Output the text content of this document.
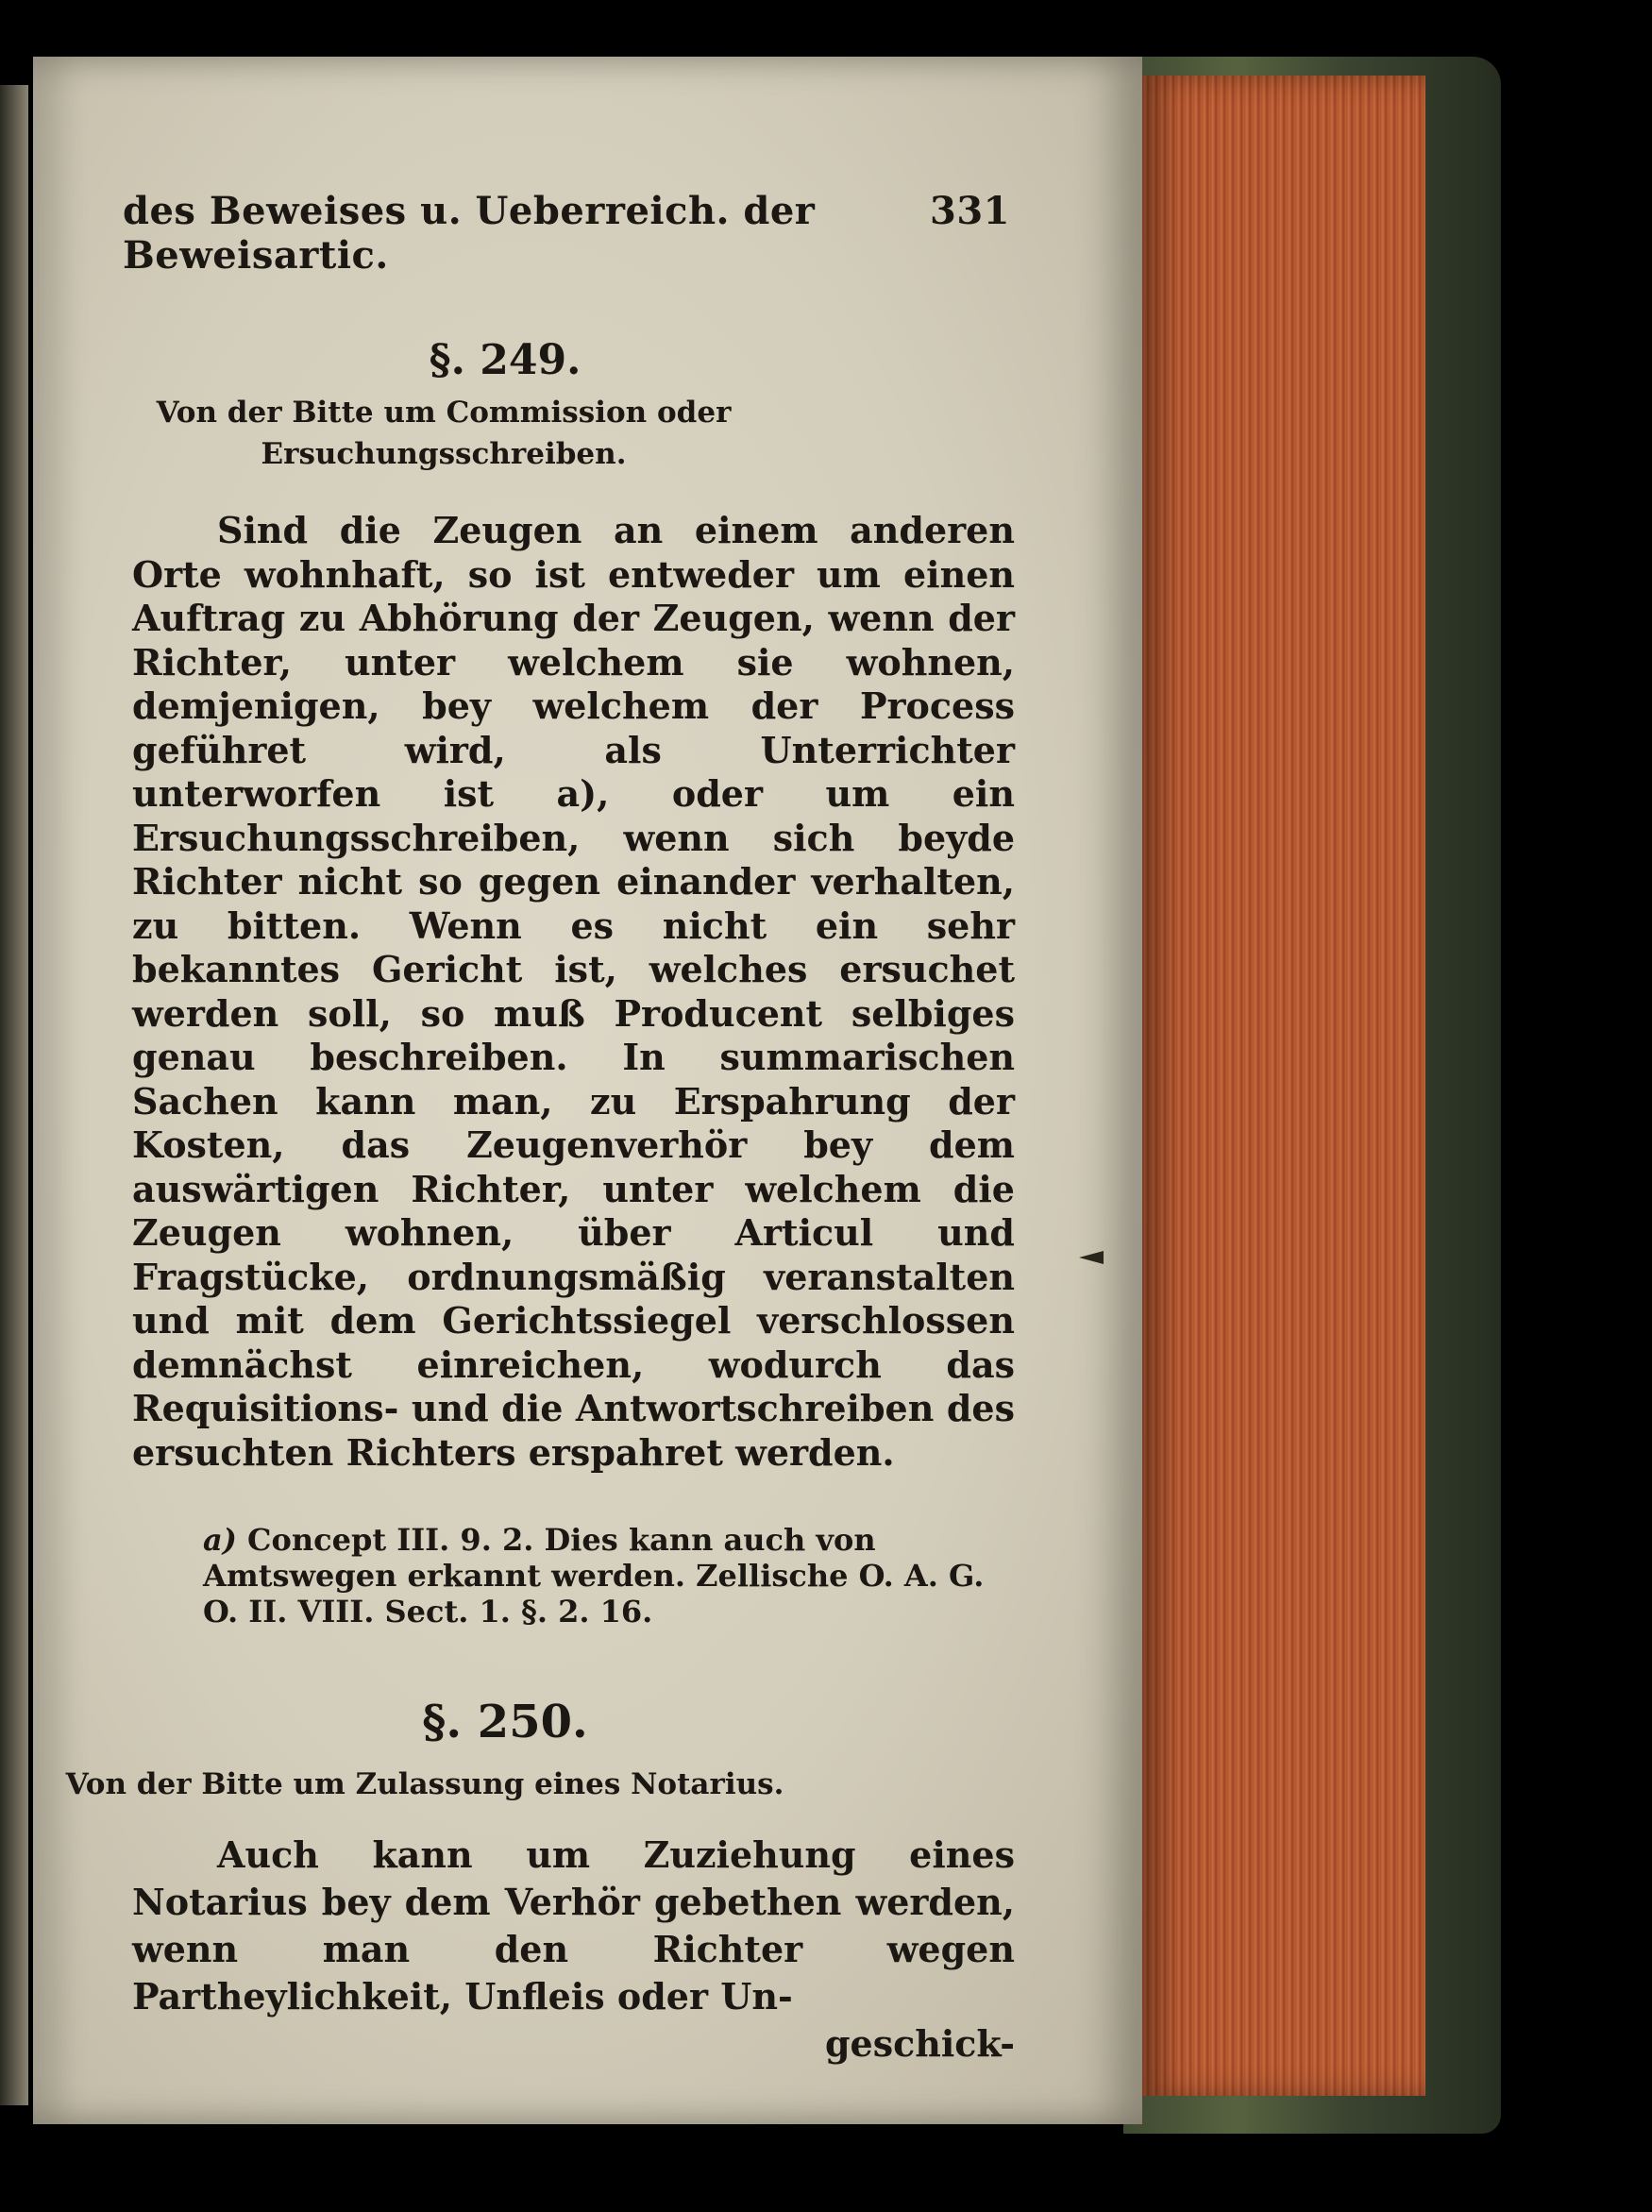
des Beweises u. Ueberreich. der Beweisartic.
331
§. 249.
Von der Bitte um Commission oder
Ersuchungsschreiben.
Sind die Zeugen an einem anderen Orte wohnhaft, so ist entweder um einen Auftrag zu Abhörung der Zeugen, wenn der Richter, unter welchem sie wohnen, demjenigen, bey welchem der Process geführet wird, als Unterrichter unterworfen ist a), oder um ein Ersuchungsschreiben, wenn sich beyde Richter nicht so gegen einander verhalten, zu bitten. Wenn es nicht ein sehr bekanntes Gericht ist, welches ersuchet werden soll, so muß Producent selbiges genau beschreiben. In summarischen Sachen kann man, zu Erspahrung der Kosten, das Zeugenverhör bey dem auswärtigen Richter, unter welchem die Zeugen wohnen, über Articul und Fragstücke, ordnungsmäßig veranstalten und mit dem Gerichtssiegel verschlossen demnächst einreichen, wodurch das Requisitions- und die Antwortschreiben des ersuchten Richters erspahret werden.
a) Concept III. 9. 2. Dies kann auch von Amtswegen erkannt werden. Zellische O. A. G. O. II. VIII. Sect. 1. §. 2. 16.
§. 250.
Von der Bitte um Zulassung eines Notarius.
Auch kann um Zuziehung eines Notarius bey dem Verhör gebethen werden, wenn man den Richter wegen Partheylichkeit, Unfleis oder Un-
geschick-
